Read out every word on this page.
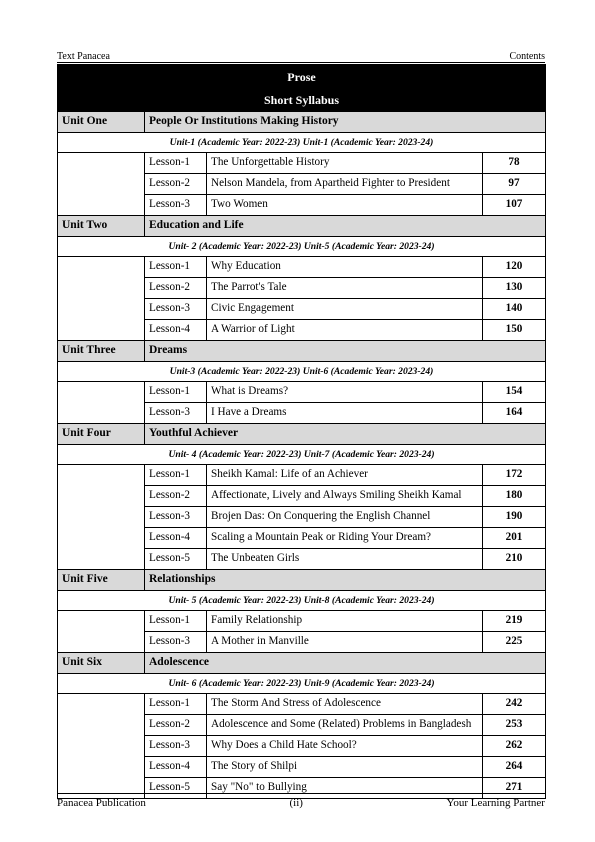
Text Panacea	Contents
Prose			
Short Syllabus			
Unit One	People Or Institutions Making History		
Unit-1 (Academic Year: 2022-23) Unit-1 (Academic Year: 2023-24)			
	Lesson-1	The Unforgettable History	78
	Lesson-2	Nelson Mandela, from Apartheid Fighter to President	97
	Lesson-3	Two Women	107
Unit Two	Education and Life		
Unit- 2 (Academic Year: 2022-23) Unit-5 (Academic Year: 2023-24)			
	Lesson-1	Why Education	120
	Lesson-2	The Parrot's Tale	130
	Lesson-3	Civic Engagement	140
	Lesson-4	A Warrior of Light	150
Unit Three	Dreams		
Unit-3 (Academic Year: 2022-23) Unit-6 (Academic Year: 2023-24)			
	Lesson-1	What is Dreams?	154
	Lesson-3	I Have a Dreams	164
Unit Four	Youthful Achiever		
Unit- 4 (Academic Year: 2022-23) Unit-7 (Academic Year: 2023-24)			
	Lesson-1	Sheikh Kamal: Life of an Achiever	172
	Lesson-2	Affectionate, Lively and Always Smiling Sheikh Kamal	180
	Lesson-3	Brojen Das: On Conquering the English Channel	190
	Lesson-4	Scaling a Mountain Peak or Riding Your Dream?	201
	Lesson-5	The Unbeaten Girls	210
Unit Five	Relationships		
Unit- 5 (Academic Year: 2022-23) Unit-8 (Academic Year: 2023-24)			
	Lesson-1	Family Relationship	219
	Lesson-3	A Mother in Manville	225
Unit Six	Adolescence		
Unit- 6 (Academic Year: 2022-23) Unit-9 (Academic Year: 2023-24)			
	Lesson-1	The Storm And Stress of Adolescence	242
	Lesson-2	Adolescence and Some (Related) Problems in Bangladesh	253
	Lesson-3	Why Does a Child Hate School?	262
	Lesson-4	The Story of Shilpi	264
	Lesson-5	Say "No" to Bullying	271
Panacea Publication	(ii)	Your Learning Partner
